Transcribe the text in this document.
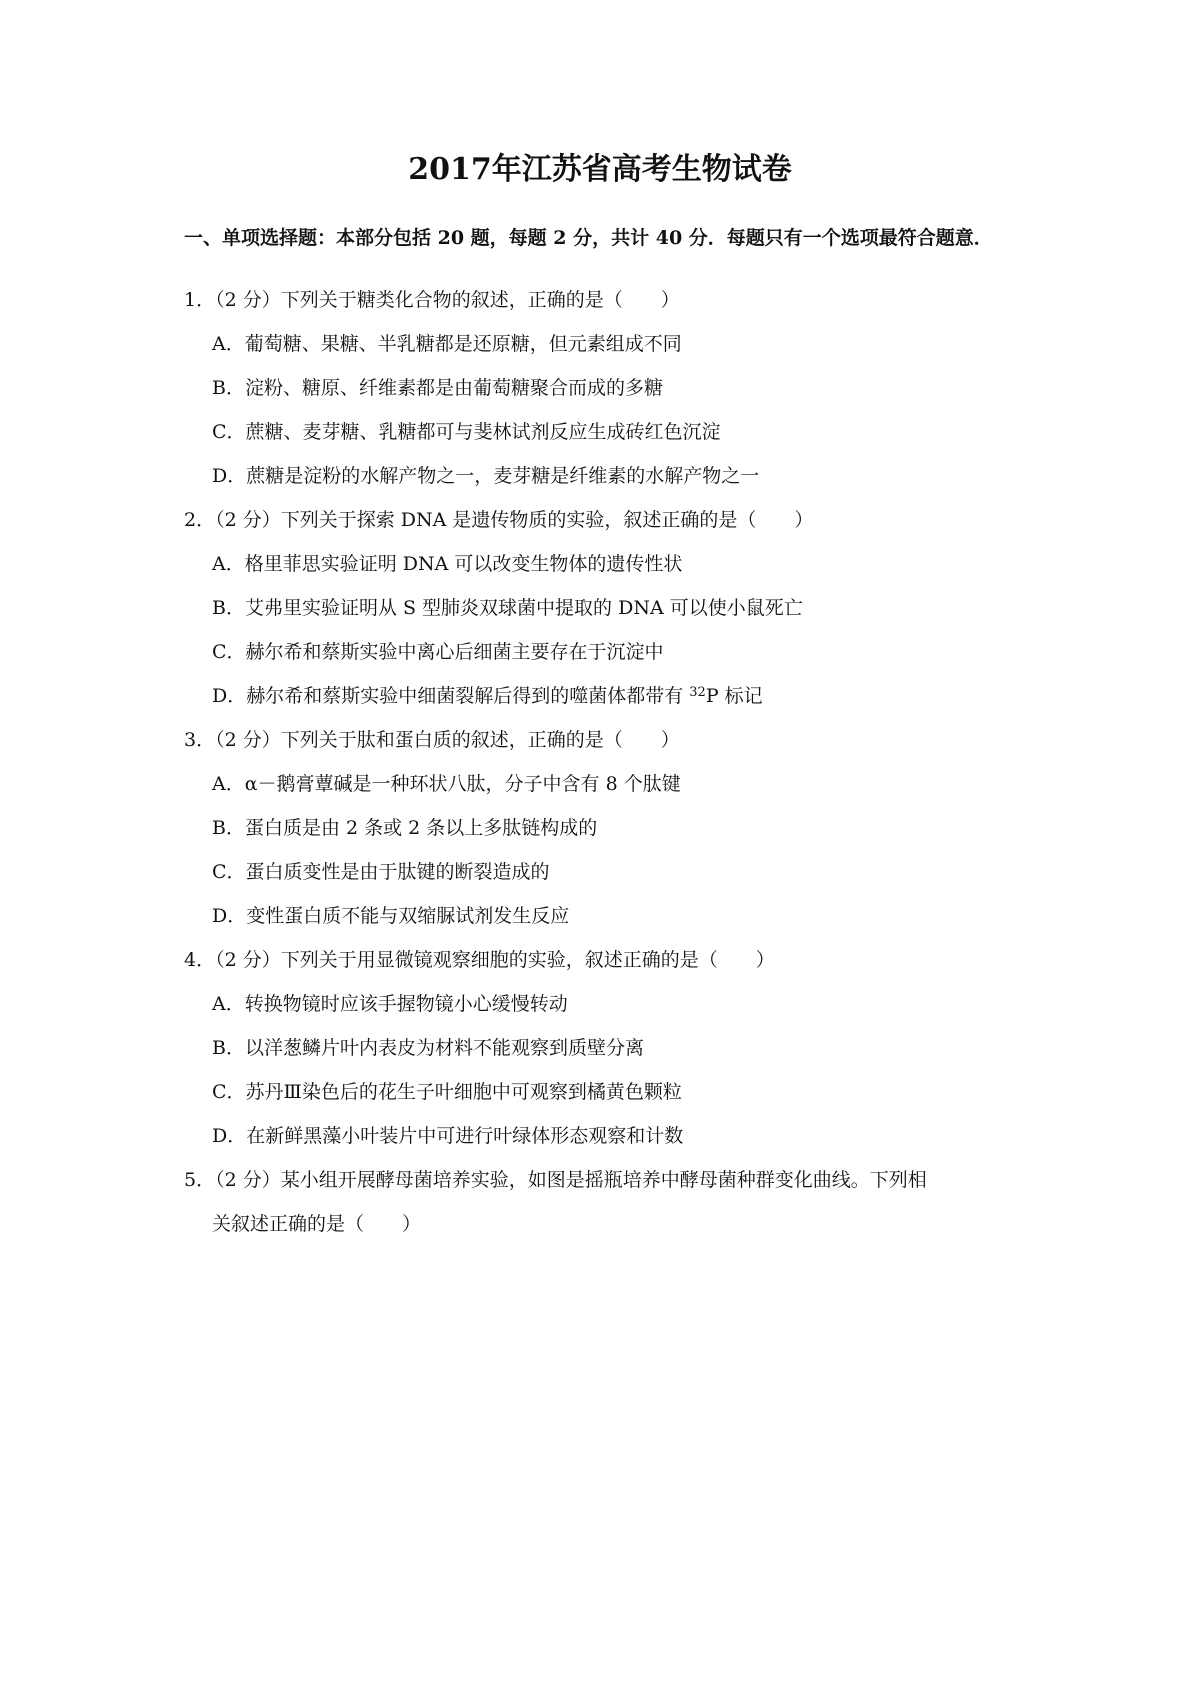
2017年江苏省高考生物试卷
一、单项选择题：本部分包括 20 题，每题 2 分，共计 40 分．每题只有一个选项最符合题意．
1．（2 分）下列关于糖类化合物的叙述，正确的是（　　）
A．葡萄糖、果糖、半乳糖都是还原糖，但元素组成不同
B．淀粉、糖原、纤维素都是由葡萄糖聚合而成的多糖
C．蔗糖、麦芽糖、乳糖都可与斐林试剂反应生成砖红色沉淀
D．蔗糖是淀粉的水解产物之一，麦芽糖是纤维素的水解产物之一
2．（2 分）下列关于探索 DNA 是遗传物质的实验，叙述正确的是（　　）
A．格里菲思实验证明 DNA 可以改变生物体的遗传性状
B．艾弗里实验证明从 S 型肺炎双球菌中提取的 DNA 可以使小鼠死亡
C．赫尔希和蔡斯实验中离心后细菌主要存在于沉淀中
D．赫尔希和蔡斯实验中细菌裂解后得到的噬菌体都带有 $^{32}$P 标记
3．（2 分）下列关于肽和蛋白质的叙述，正确的是（　　）
A．α－鹅膏蕈碱是一种环状八肽，分子中含有 8 个肽键
B．蛋白质是由 2 条或 2 条以上多肽链构成的
C．蛋白质变性是由于肽键的断裂造成的
D．变性蛋白质不能与双缩脲试剂发生反应
4．（2 分）下列关于用显微镜观察细胞的实验，叙述正确的是（　　）
A．转换物镜时应该手握物镜小心缓慢转动
B．以洋葱鳞片叶内表皮为材料不能观察到质壁分离
C．苏丹Ⅲ染色后的花生子叶细胞中可观察到橘黄色颗粒
D．在新鲜黑藻小叶装片中可进行叶绿体形态观察和计数
5．（2 分）某小组开展酵母菌培养实验，如图是摇瓶培养中酵母菌种群变化曲线。下列相
关叙述正确的是（　　）
